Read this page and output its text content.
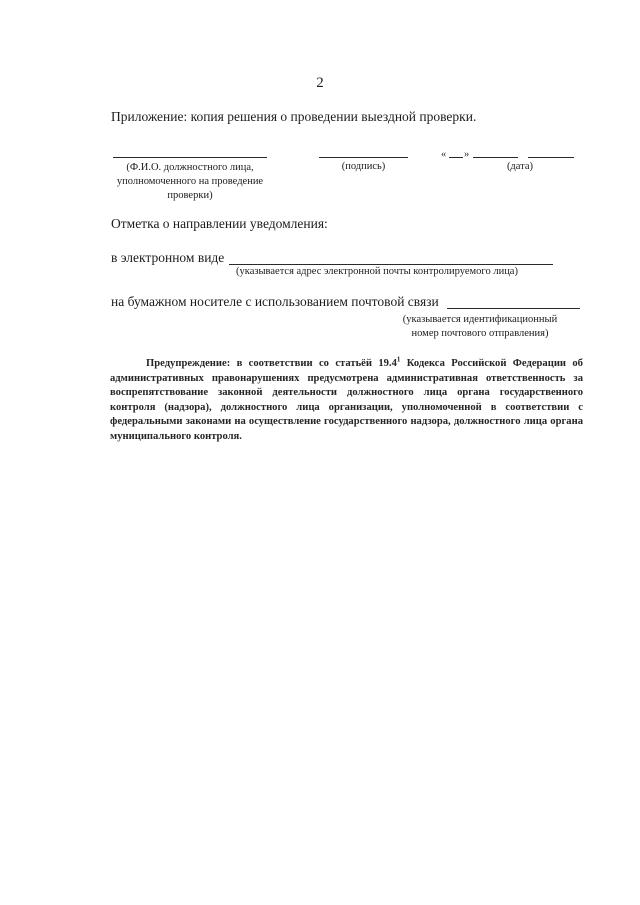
2
Приложение: копия решения о проведении выездной проверки.
(Ф.И.О. должностного лица,
уполномоченного на проведение
проверки)
(подпись)
« »
(дата)
Отметка о направлении уведомления:
в электронном виде
(указывается адрес электронной почты контролируемого лица)
на бумажном носителе с использованием почтовой связи
(указывается идентификационный
номер почтового отправления)
Предупреждение: в соответствии со статьёй 19.4$^1$ Кодекса Российской Федерации об административных правонарушениях предусмотрена административная ответственность за воспрепятствование законной деятельности должностного лица органа государственного контроля (надзора), должностного лица организации, уполномоченной в соответствии с федеральными законами на осуществление государственного надзора, должностного лица органа муниципального контроля.
